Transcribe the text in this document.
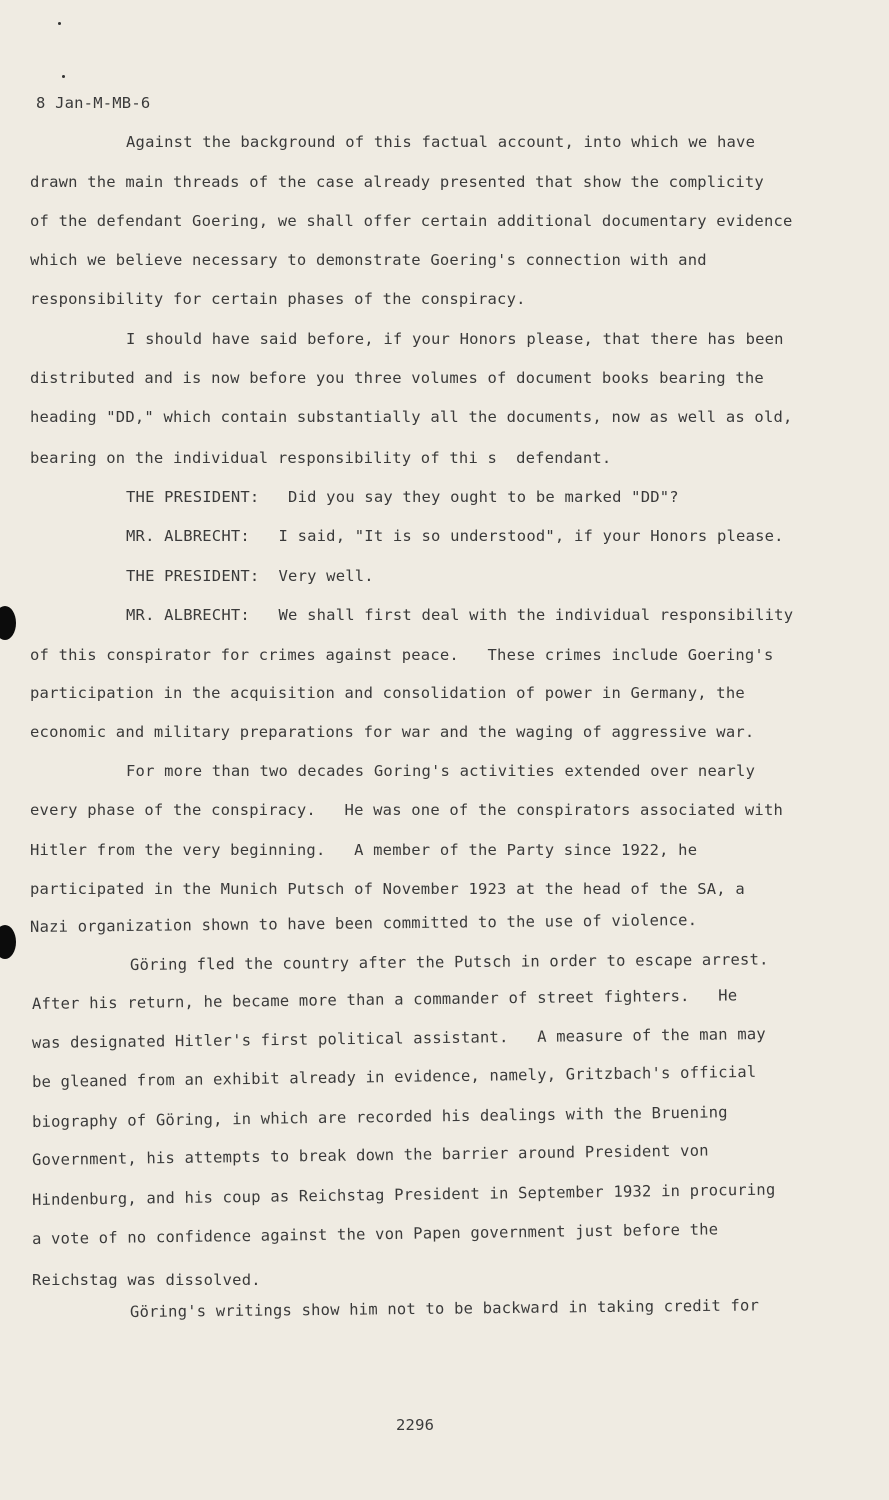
8 Jan-M-MB-6
Against the background of this factual account, into which we have
drawn the main threads of the case already presented that show the complicity
of the defendant Goering, we shall offer certain additional documentary evidence
which we believe necessary to demonstrate Goering's connection with and
responsibility for certain phases of the conspiracy.
I should have said before, if your Honors please, that there has been
distributed and is now before you three volumes of document books bearing the
heading "DD," which contain substantially all the documents, now as well as old,
bearing on the individual responsibility of thi s  defendant.
THE PRESIDENT:   Did you say they ought to be marked "DD"?
MR. ALBRECHT:   I said, "It is so understood", if your Honors please.
THE PRESIDENT:  Very well.
MR. ALBRECHT:   We shall first deal with the individual responsibility
of this conspirator for crimes against peace.   These crimes include Goering's
participation in the acquisition and consolidation of power in Germany, the
economic and military preparations for war and the waging of aggressive war.
For more than two decades Goring's activities extended over nearly
every phase of the conspiracy.   He was one of the conspirators associated with
Hitler from the very beginning.   A member of the Party since 1922, he
participated in the Munich Putsch of November 1923 at the head of the SA, a
Nazi organization shown to have been committed to the use of violence.
Göring fled the country after the Putsch in order to escape arrest.
After his return, he became more than a commander of street fighters.   He
was designated Hitler's first political assistant.   A measure of the man may
be gleaned from an exhibit already in evidence, namely, Gritzbach's official
biography of Göring, in which are recorded his dealings with the Bruening
Government, his attempts to break down the barrier around President von
Hindenburg, and his coup as Reichstag President in September 1932 in procuring
a vote of no confidence against the von Papen government just before the
Reichstag was dissolved.
Göring's writings show him not to be backward in taking credit for
2296
